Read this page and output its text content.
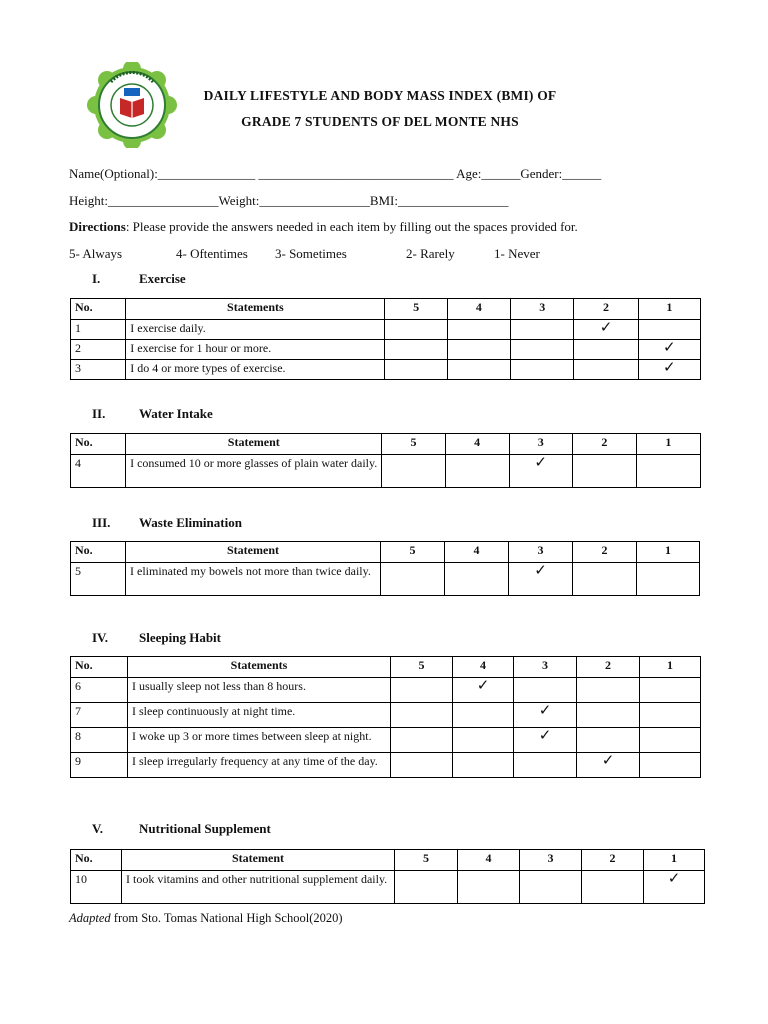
DAILY LIFESTYLE AND BODY MASS INDEX (BMI) OF
GRADE 7 STUDENTS OF DEL MONTE NHS
Name(Optional):_______________ ______________________________ Age:______Gender:______
Height:_________________Weight:_________________BMI:_________________
Directions: Please provide the answers needed in each item by filling out the spaces provided for.
5- Always	4- Oftentimes 3- Sometimes	2- Rarely	1- Never
I.	Exercise
II.	Water Intake
III. Waste Elimination
IV. Sleeping Habit
V.	Nutritional Supplement
No.	Statements	5	4	3	2	1
1	I exercise daily.				✓	
2	I exercise for 1 hour or more.					✓
3	I do 4 or more types of exercise.					✓
No.	Statement	5	4	3	2	1
4	I consumed 10 or more glasses of plain water daily.			✓		
No.	Statement	5	4	3	2	1
5	I eliminated my bowels not more than twice daily.			✓		
No.	Statements	5	4	3	2	1
6	I usually sleep not less than 8 hours.		✓			
7	I sleep continuously at night time.			✓		
8	I woke up 3 or more times between sleep at night.			✓		
9	I sleep irregularly frequency at any time of the day.				✓	
No.	Statement	5	4	3	2	1
10	I took vitamins and other nutritional supplement daily.					✓
Adapted from Sto. Tomas National High School(2020)
